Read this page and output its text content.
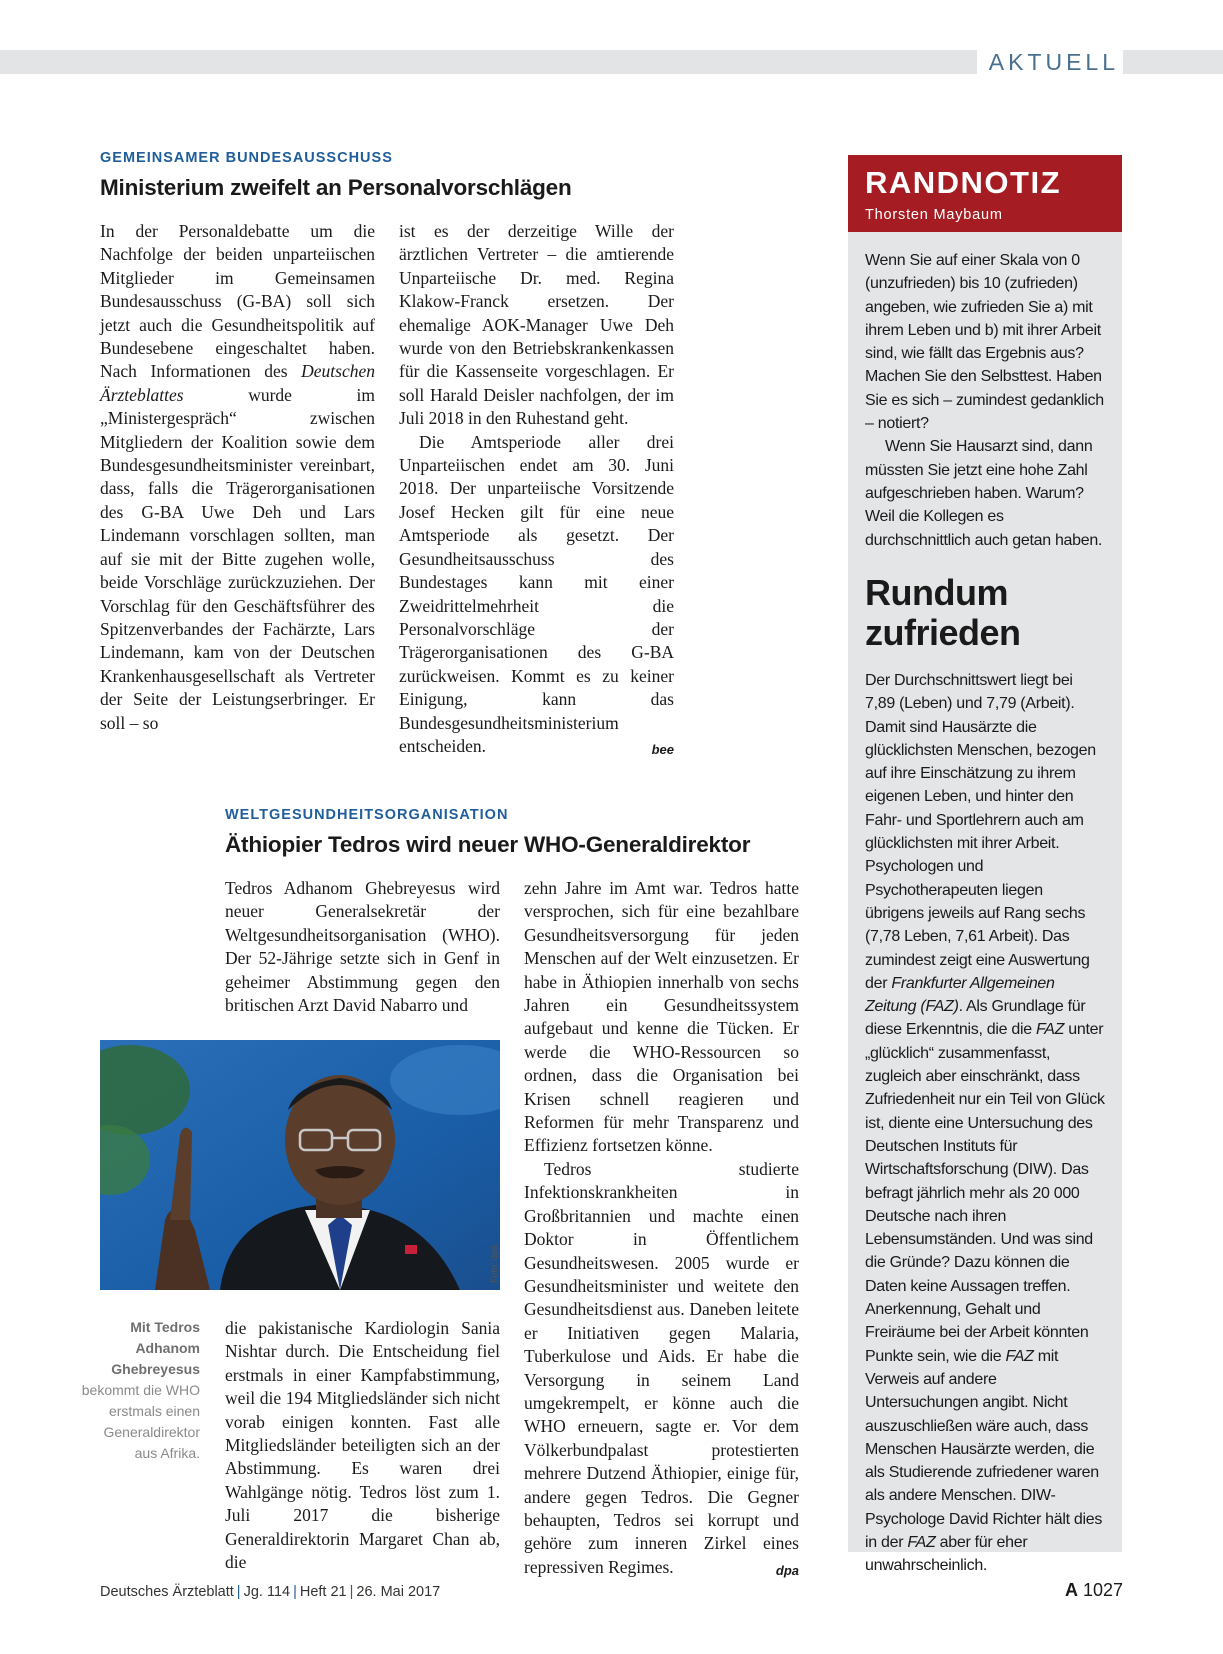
AKTUELL
GEMEINSAMER BUNDESAUSSCHUSS
Ministerium zweifelt an Personalvorschlägen

In der Personaldebatte um die Nachfolge der beiden unparteiischen Mitglieder im Gemeinsamen Bundesausschuss (G-BA) soll sich jetzt auch die Gesundheitspolitik auf Bundesebene eingeschaltet haben. Nach Informationen des Deutschen Ärzteblattes wurde im „Ministergespräch“ zwischen Mitgliedern der Koalition sowie dem Bundesgesundheitsminister vereinbart, dass, falls die Trägerorganisationen des G-BA Uwe Deh und Lars Lindemann vorschlagen sollten, man auf sie mit der Bitte zugehen wolle, beide Vorschläge zurückzuziehen. Der Vorschlag für den Geschäftsführer des Spitzenverbandes der Fachärzte, Lars Lindemann, kam von der Deutschen Krankenhausgesellschaft als Vertreter der Seite der Leistungserbringer. Er soll – so

ist es der derzeitige Wille der ärztlichen Vertreter – die amtierende Unparteiische Dr. med. Regina Klakow-Franck ersetzen. Der ehemalige AOK-Manager Uwe Deh wurde von den Betriebskrankenkassen für die Kassenseite vorgeschlagen. Er soll Harald Deisler nachfolgen, der im Juli 2018 in den Ruhestand geht.

Die Amtsperiode aller drei Unparteiischen endet am 30. Juni 2018. Der unparteiische Vorsitzende Josef Hecken gilt für eine neue Amtsperiode als gesetzt. Der Gesundheitsausschuss des Bundestages kann mit einer Zweidrittelmehrheit die Personalvorschläge der Trägerorganisationen des G-BA zurückweisen. Kommt es zu keiner Einigung, kann das Bundesgesundheitsministerium entscheiden.	bee

WELTGESUNDHEITSORGANISATION
Äthiopier Tedros wird neuer WHO-Generaldirektor

Tedros Adhanom Ghebreyesus wird neuer Generalsekretär der Weltgesundheitsorganisation (WHO). Der 52-Jährige setzte sich in Genf in geheimer Abstimmung gegen den britischen Arzt David Nabarro und

Mit Tedros Adhanom Ghebreyesus bekommt die WHO erstmals einen Generaldirektor aus Afrika.

die pakistanische Kardiologin Sania Nishtar durch. Die Entscheidung fiel erstmals in einer Kampfabstimmung, weil die 194 Mitgliedsländer sich nicht vorab einigen konnten. Fast alle Mitgliedsländer beteiligten sich an der Abstimmung. Es waren drei Wahlgänge nötig. Tedros löst zum 1. Juli 2017 die bisherige Generaldirektorin Margaret Chan ab, die

zehn Jahre im Amt war. Tedros hatte versprochen, sich für eine bezahlbare Gesundheitsversorgung für jeden Menschen auf der Welt einzusetzen. Er habe in Äthiopien innerhalb von sechs Jahren ein Gesundheitssystem aufgebaut und kenne die Tücken. Er werde die WHO-Ressourcen so ordnen, dass die Organisation bei Krisen schnell reagieren und Reformen für mehr Transparenz und Effizienz fortsetzen könne.

Tedros studierte Infektionskrankheiten in Großbritannien und machte einen Doktor in Öffentlichem Gesundheitswesen. 2005 wurde er Gesundheitsminister und weitete den Gesundheitsdienst aus. Daneben leitete er Initiativen gegen Malaria, Tuberkulose und Aids. Er habe die Versorgung in seinem Land umgekrempelt, er könne auch die WHO erneuern, sagte er. Vor dem Völkerbundpalast protestierten mehrere Dutzend Äthiopier, einige für, andere gegen Tedros. Die Gegner behaupten, Tedros sei korrupt und gehöre zum inneren Zirkel eines repressiven Regimes.	dpa

RANDNOTIZ
Thorsten Maybaum

Wenn Sie auf einer Skala von 0 (unzufrieden) bis 10 (zufrieden) angeben, wie zufrieden Sie a) mit ihrem Leben und b) mit ihrer Arbeit sind, wie fällt das Ergebnis aus? Machen Sie den Selbsttest. Haben Sie es sich – zumindest gedanklich – notiert?

Wenn Sie Hausarzt sind, dann müssten Sie jetzt eine hohe Zahl aufgeschrieben haben. Warum? Weil die Kollegen es durchschnittlich auch getan haben.

Rundum
zufrieden

Der Durchschnittswert liegt bei 7,89 (Leben) und 7,79 (Arbeit). Damit sind Hausärzte die glücklichsten Menschen, bezogen auf ihre Einschätzung zu ihrem eigenen Leben, und hinter den Fahr- und Sportlehrern auch am glücklichsten mit ihrer Arbeit. Psychologen und Psychotherapeuten liegen übrigens jeweils auf Rang sechs (7,78 Leben, 7,61 Arbeit). Das zumindest zeigt eine Auswertung der Frankfurter Allgemeinen Zeitung (FAZ). Als Grundlage für diese Erkenntnis, die die FAZ unter „glücklich“ zusammenfasst, zugleich aber einschränkt, dass Zufriedenheit nur ein Teil von Glück ist, diente eine Untersuchung des Deutschen Instituts für Wirtschaftsforschung (DIW). Das befragt jährlich mehr als 20 000 Deutsche nach ihren Lebensumständen. Und was sind die Gründe? Dazu können die Daten keine Aussagen treffen. Anerkennung, Gehalt und Freiräume bei der Arbeit könnten Punkte sein, wie die FAZ mit Verweis auf andere Untersuchungen angibt. Nicht auszuschließen wäre auch, dass Menschen Hausärzte werden, die als Studierende zufriedener waren als andere Menschen. DIW-Psychologe David Richter hält dies in der FAZ aber für eher unwahrscheinlich.

Deutsches Ärzteblatt | Jg. 114 | Heft 21 | 26. Mai 2017	A 1027
